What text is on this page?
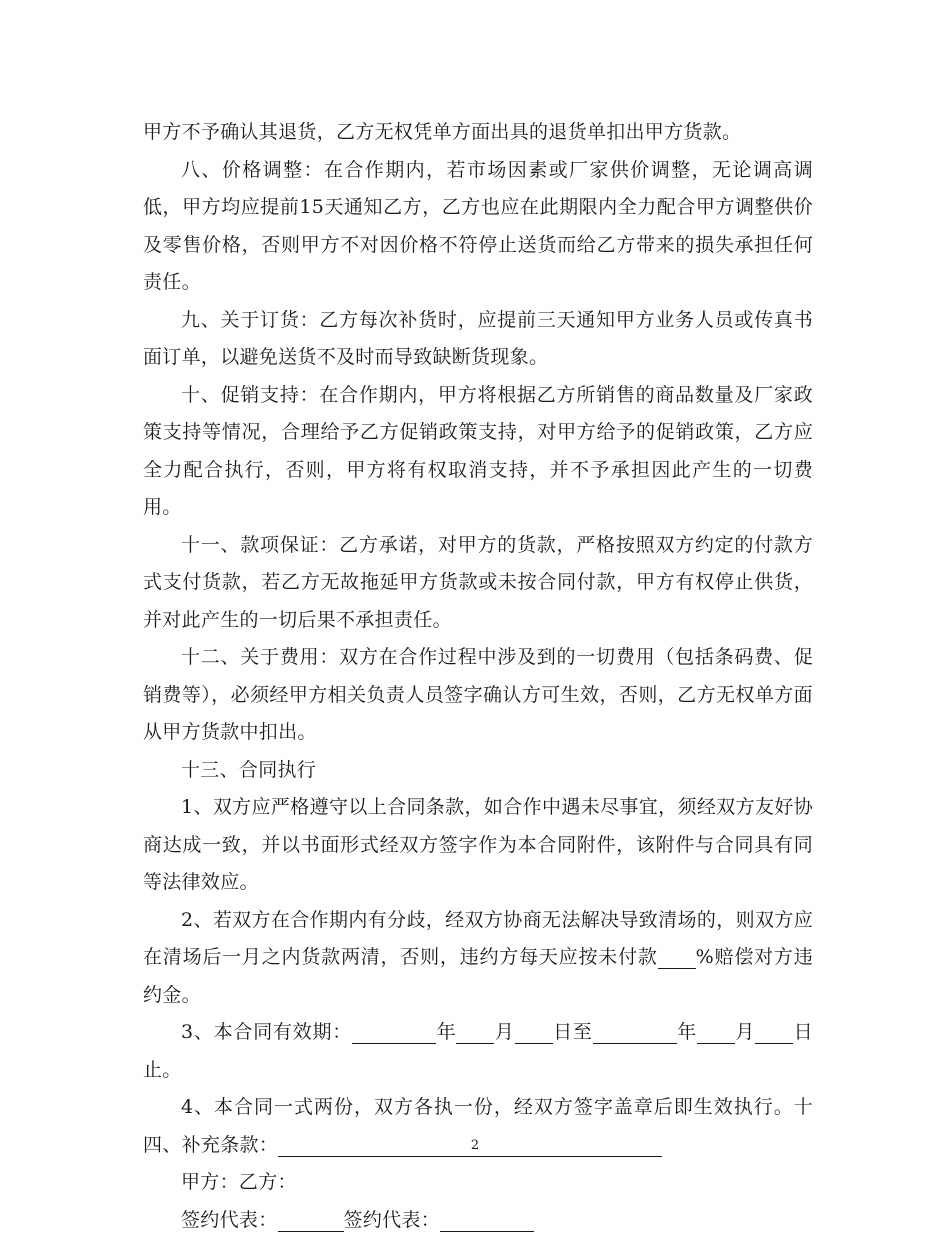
甲方不予确认其退货，乙方无权凭单方面出具的退货单扣出甲方货款。

八、价格调整：在合作期内，若市场因素或厂家供价调整，无论调高调低，甲方均应提前15天通知乙方，乙方也应在此期限内全力配合甲方调整供价及零售价格，否则甲方不对因价格不符停止送货而给乙方带来的损失承担任何责任。

九、关于订货：乙方每次补货时，应提前三天通知甲方业务人员或传真书面订单，以避免送货不及时而导致缺断货现象。

十、促销支持：在合作期内，甲方将根据乙方所销售的商品数量及厂家政策支持等情况，合理给予乙方促销政策支持，对甲方给予的促销政策，乙方应全力配合执行，否则，甲方将有权取消支持，并不予承担因此产生的一切费用。

十一、款项保证：乙方承诺，对甲方的货款，严格按照双方约定的付款方式支付货款，若乙方无故拖延甲方货款或未按合同付款，甲方有权停止供货，并对此产生的一切后果不承担责任。

十二、关于费用：双方在合作过程中涉及到的一切费用（包括条码费、促销费等），必须经甲方相关负责人员签字确认方可生效，否则，乙方无权单方面从甲方货款中扣出。

十三、合同执行

1、双方应严格遵守以上合同条款，如合作中遇未尽事宜，须经双方友好协商达成一致，并以书面形式经双方签字作为本合同附件，该附件与合同具有同等法律效应。

2、若双方在合作期内有分歧，经双方协商无法解决导致清场的，则双方应在清场后一月之内货款两清，否则，违约方每天应按未付款 %赔偿对方违约金。

3、本合同有效期：	年 月 日至	年 月 日止。

4、本合同一式两份，双方各执一份，经双方签字盖章后即生效执行。十四、补充条款：

甲方：乙方：

签约代表：	签约代表：

2
